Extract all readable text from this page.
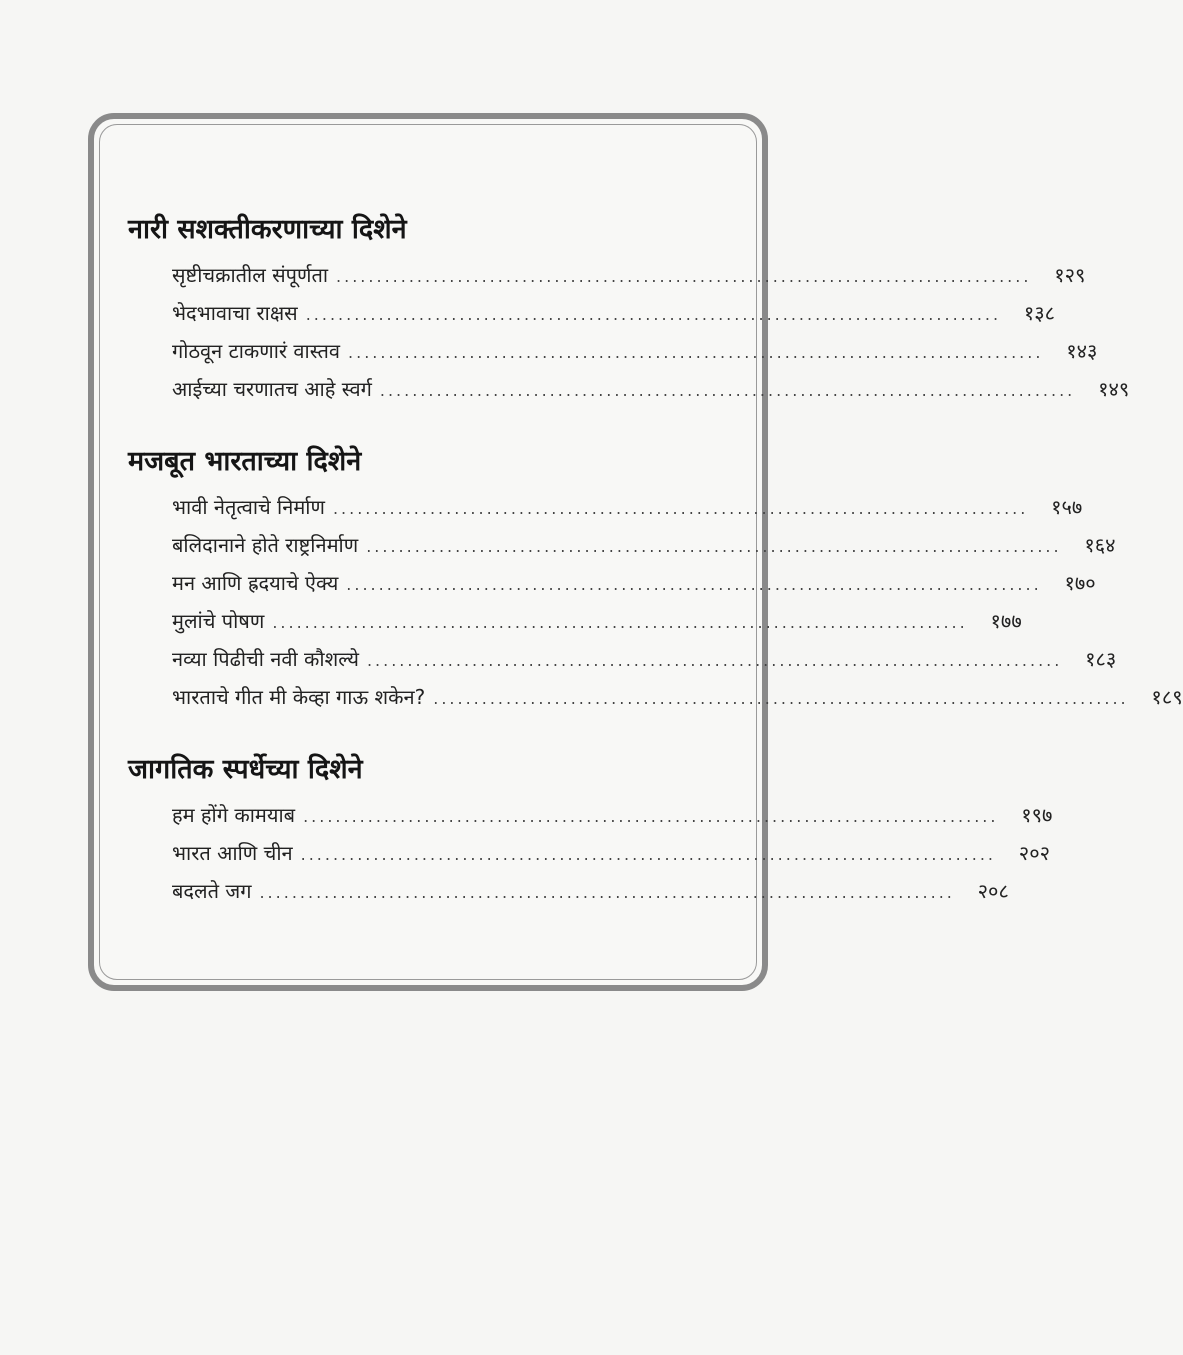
नारी सशक्तीकरणाच्या दिशेने
सृष्टीचक्रातील संपूर्णता ......................................................................................	१२९
भेदभावाचा राक्षस ......................................................................................	१३८
गोठवून टाकणारं वास्तव ......................................................................................	१४३
आईच्या चरणातच आहे स्वर्ग ......................................................................................	१४९
मजबूत भारताच्या दिशेने
भावी नेतृत्वाचे निर्माण ......................................................................................	१५७
बलिदानाने होते राष्ट्रनिर्माण ......................................................................................	१६४
मन आणि ह्रदयाचे ऐक्य ......................................................................................	१७०
मुलांचे पोषण ......................................................................................	१७७
नव्या पिढीची नवी कौशल्ये ......................................................................................	१८३
भारताचे गीत मी केव्हा गाऊ शकेन? ......................................................................................	१८९
जागतिक स्पर्धेच्या दिशेने
हम होंगे कामयाब ......................................................................................	१९७
भारत आणि चीन ......................................................................................	२०२
बदलते जग ......................................................................................	२०८
